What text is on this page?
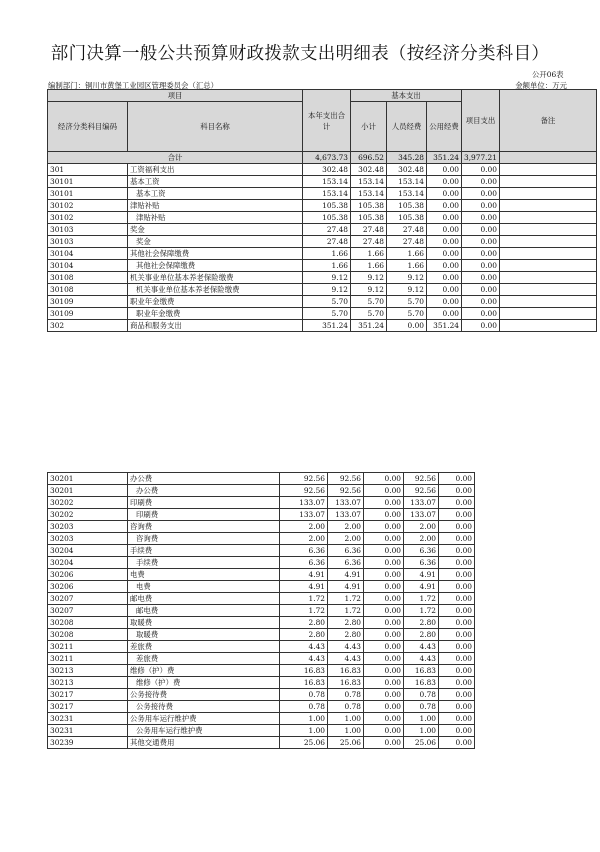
部门决算一般公共预算财政拨款支出明细表（按经济分类科目）
公开06表
编制部门：铜川市黄堡工业园区管理委员会（汇总）	金额单位：万元
项目		本年支出合计	基本支出			项目支出	备注
经济分类科目编码	科目名称		小计	人员经费	公用经费		
合计		4,673.73	696.52	345.28	351.24	3,977.21	
301	工资福利支出	302.48	302.48	302.48	0.00	0.00	
30101	基本工资	153.14	153.14	153.14	0.00	0.00	
30101	基本工资	153.14	153.14	153.14	0.00	0.00	
30102	津贴补贴	105.38	105.38	105.38	0.00	0.00	
30102	津贴补贴	105.38	105.38	105.38	0.00	0.00	
30103	奖金	27.48	27.48	27.48	0.00	0.00	
30103	奖金	27.48	27.48	27.48	0.00	0.00	
30104	其他社会保障缴费	1.66	1.66	1.66	0.00	0.00	
30104	其他社会保障缴费	1.66	1.66	1.66	0.00	0.00	
30108	机关事业单位基本养老保险缴费	9.12	9.12	9.12	0.00	0.00	
30108	机关事业单位基本养老保险缴费	9.12	9.12	9.12	0.00	0.00	
30109	职业年金缴费	5.70	5.70	5.70	0.00	0.00	
30109	职业年金缴费	5.70	5.70	5.70	0.00	0.00	
302	商品和服务支出	351.24	351.24	0.00	351.24	0.00	
30201	办公费	92.56	92.56	0.00	92.56	0.00
30201	办公费	92.56	92.56	0.00	92.56	0.00
30202	印刷费	133.07	133.07	0.00	133.07	0.00
30202	印刷费	133.07	133.07	0.00	133.07	0.00
30203	咨询费	2.00	2.00	0.00	2.00	0.00
30203	咨询费	2.00	2.00	0.00	2.00	0.00
30204	手续费	6.36	6.36	0.00	6.36	0.00
30204	手续费	6.36	6.36	0.00	6.36	0.00
30206	电费	4.91	4.91	0.00	4.91	0.00
30206	电费	4.91	4.91	0.00	4.91	0.00
30207	邮电费	1.72	1.72	0.00	1.72	0.00
30207	邮电费	1.72	1.72	0.00	1.72	0.00
30208	取暖费	2.80	2.80	0.00	2.80	0.00
30208	取暖费	2.80	2.80	0.00	2.80	0.00
30211	差旅费	4.43	4.43	0.00	4.43	0.00
30211	差旅费	4.43	4.43	0.00	4.43	0.00
30213	维修（护）费	16.83	16.83	0.00	16.83	0.00
30213	维修（护）费	16.83	16.83	0.00	16.83	0.00
30217	公务接待费	0.78	0.78	0.00	0.78	0.00
30217	公务接待费	0.78	0.78	0.00	0.78	0.00
30231	公务用车运行维护费	1.00	1.00	0.00	1.00	0.00
30231	公务用车运行维护费	1.00	1.00	0.00	1.00	0.00
30239	其他交通费用	25.06	25.06	0.00	25.06	0.00
